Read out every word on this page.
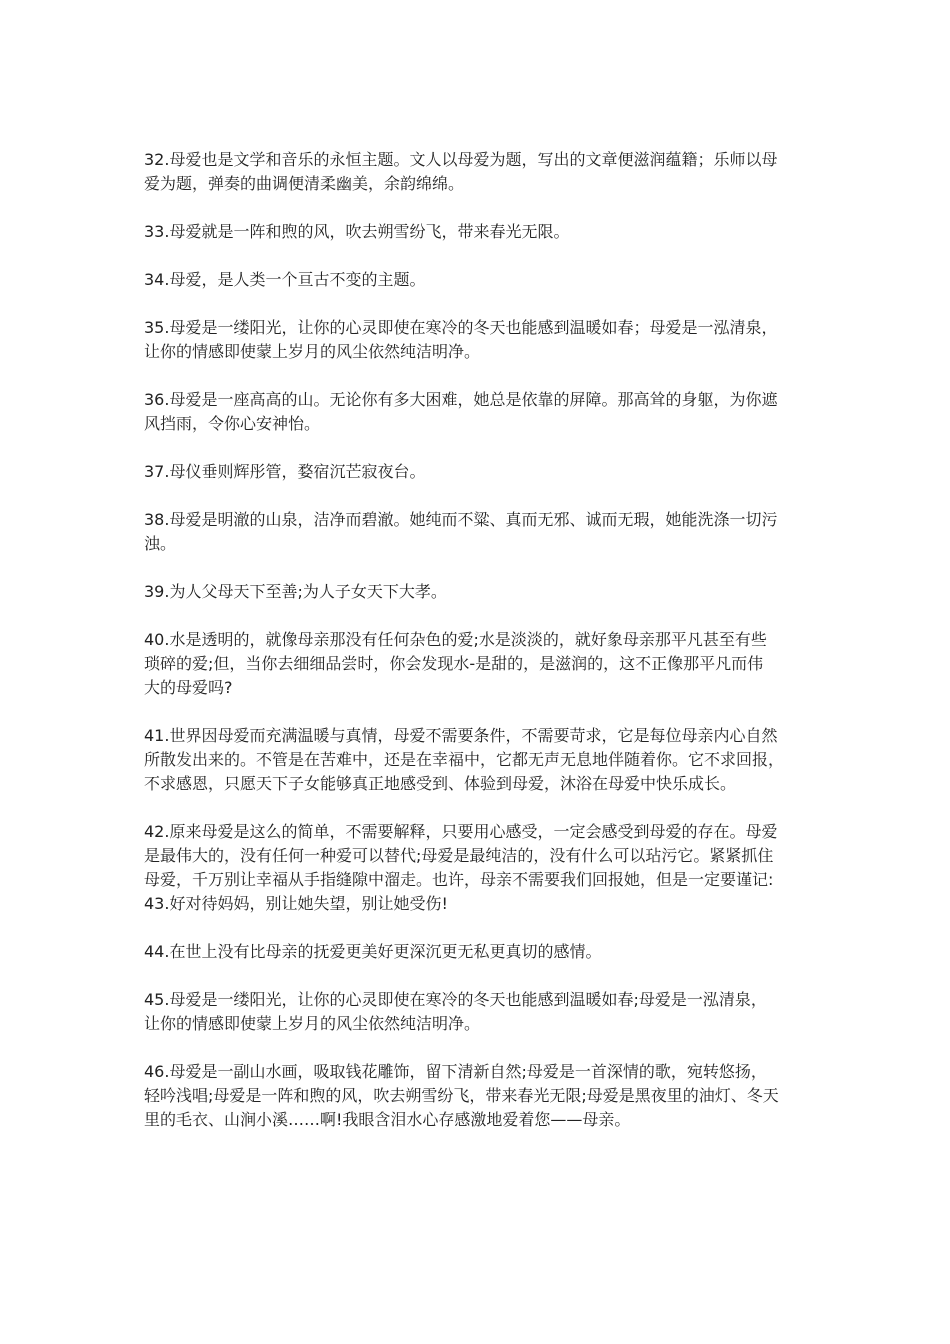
32.母爱也是文学和音乐的永恒主题。文人以母爱为题，写出的文章便滋润蕴籍；乐师以母
爱为题，弹奏的曲调便清柔幽美，余韵绵绵。

33.母爱就是一阵和煦的风，吹去朔雪纷飞，带来春光无限。

34.母爱，是人类一个亘古不变的主题。

35.母爱是一缕阳光，让你的心灵即使在寒冷的冬天也能感到温暖如春；母爱是一泓清泉，
让你的情感即使蒙上岁月的风尘依然纯洁明净。

36.母爱是一座高高的山。无论你有多大困难，她总是依靠的屏障。那高耸的身躯，为你遮
风挡雨，令你心安神怡。

37.母仪垂则辉彤管，婺宿沉芒寂夜台。

38.母爱是明澈的山泉，洁净而碧澈。她纯而不粱、真而无邪、诚而无瑕，她能洗涤一切污
浊。

39.为人父母天下至善;为人子女天下大孝。

40.水是透明的，就像母亲那没有任何杂色的爱;水是淡淡的，就好象母亲那平凡甚至有些
琐碎的爱;但，当你去细细品尝时，你会发现水-是甜的，是滋润的，这不正像那平凡而伟
大的母爱吗?

41.世界因母爱而充满温暖与真情，母爱不需要条件，不需要苛求，它是每位母亲内心自然
所散发出来的。不管是在苦难中，还是在幸福中，它都无声无息地伴随着你。它不求回报，
不求感恩，只愿天下子女能够真正地感受到、体验到母爱，沐浴在母爱中快乐成长。

42.原来母爱是这么的简单，不需要解释，只要用心感受，一定会感受到母爱的存在。母爱
是最伟大的，没有任何一种爱可以替代;母爱是最纯洁的，没有什么可以玷污它。紧紧抓住
母爱，千万别让幸福从手指缝隙中溜走。也许，母亲不需要我们回报她，但是一定要谨记:
43.好对待妈妈，别让她失望，别让她受伤!

44.在世上没有比母亲的抚爱更美好更深沉更无私更真切的感情。

45.母爱是一缕阳光，让你的心灵即使在寒冷的冬天也能感到温暖如春;母爱是一泓清泉，
让你的情感即使蒙上岁月的风尘依然纯洁明净。

46.母爱是一副山水画，吸取钱花雕饰，留下清新自然;母爱是一首深情的歌，宛转悠扬，
轻吟浅唱;母爱是一阵和煦的风，吹去朔雪纷飞，带来春光无限;母爱是黑夜里的油灯、冬天
里的毛衣、山涧小溪……啊!我眼含泪水心存感激地爱着您——母亲。
